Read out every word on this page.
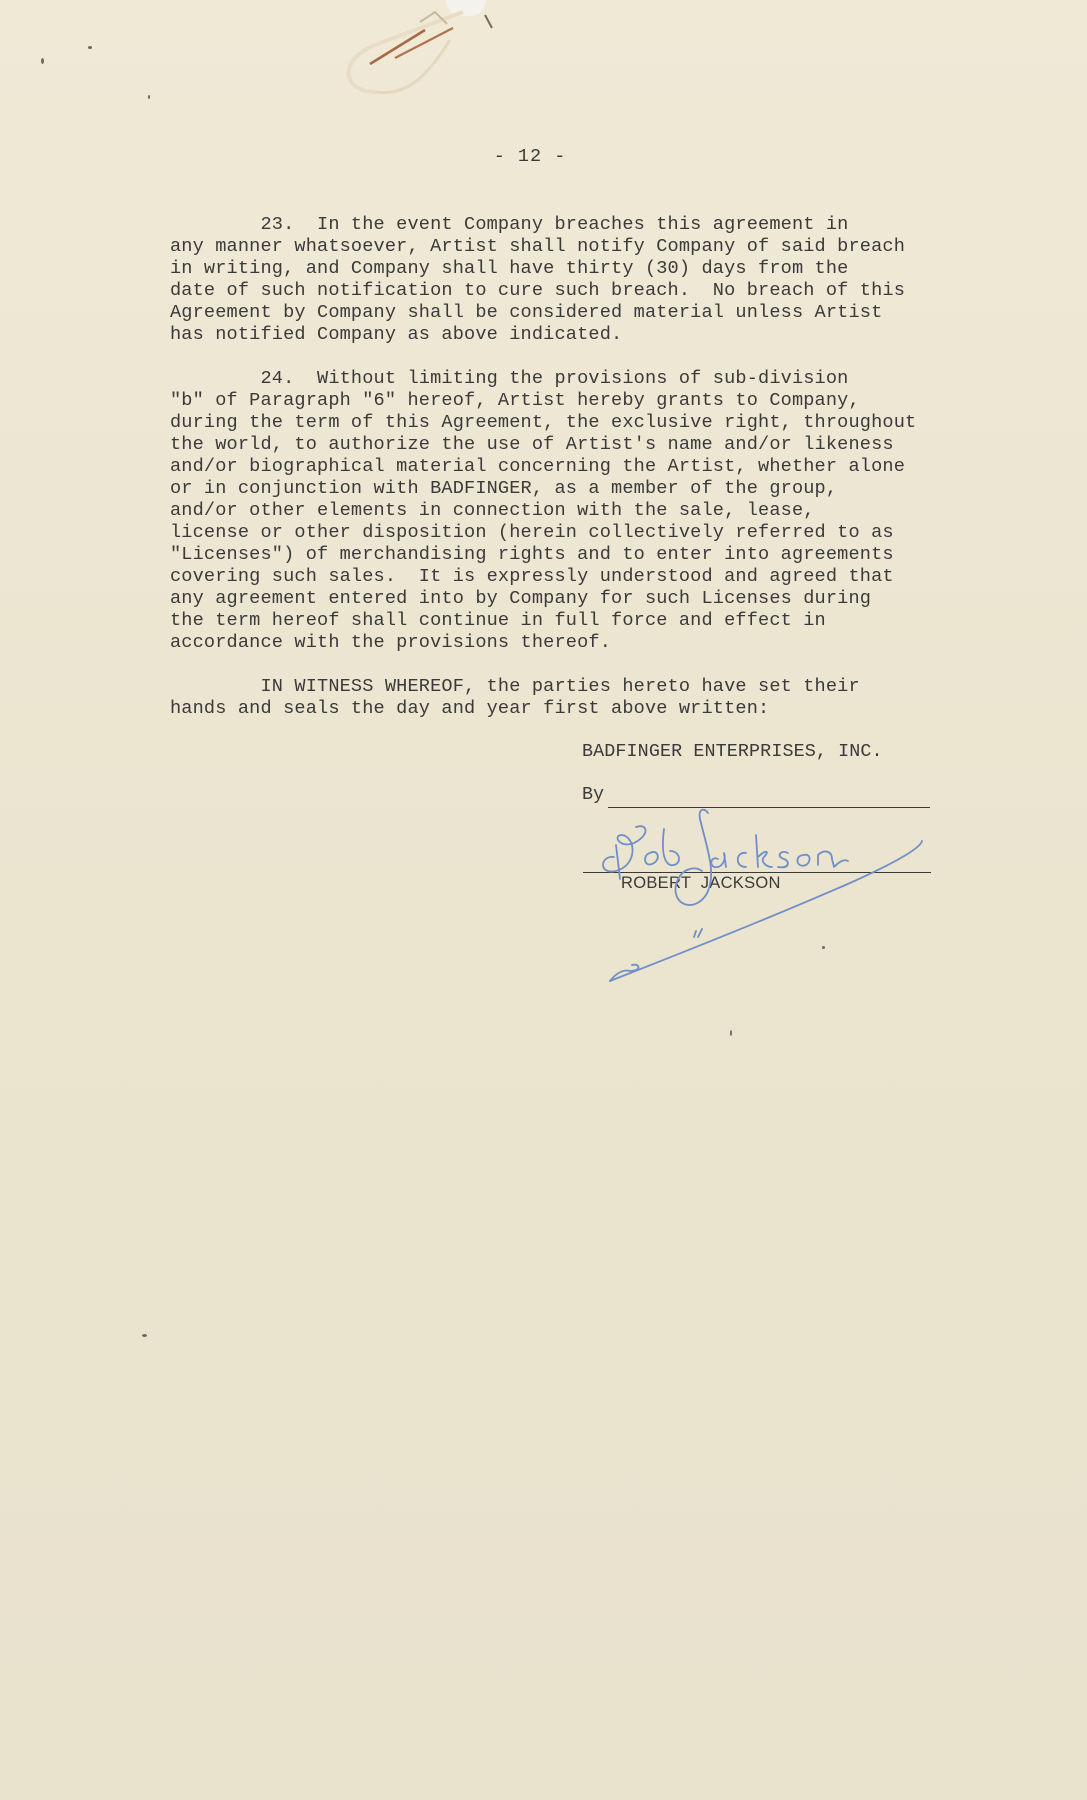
- 12 -
23.  In the event Company breaches this agreement in
any manner whatsoever, Artist shall notify Company of said breach
in writing, and Company shall have thirty (30) days from the
date of such notification to cure such breach.  No breach of this
Agreement by Company shall be considered material unless Artist
has notified Company as above indicated.
24.  Without limiting the provisions of sub-division
"b" of Paragraph "6" hereof, Artist hereby grants to Company,
during the term of this Agreement, the exclusive right, throughout
the world, to authorize the use of Artist's name and/or likeness
and/or biographical material concerning the Artist, whether alone
or in conjunction with BADFINGER, as a member of the group,
and/or other elements in connection with the sale, lease,
license or other disposition (herein collectively referred to as
"Licenses") of merchandising rights and to enter into agreements
covering such sales.  It is expressly understood and agreed that
any agreement entered into by Company for such Licenses during
the term hereof shall continue in full force and effect in
accordance with the provisions thereof.
IN WITNESS WHEREOF, the parties hereto have set their
hands and seals the day and year first above written:
BADFINGER ENTERPRISES, INC.
By
ROBERT  JACKSON
